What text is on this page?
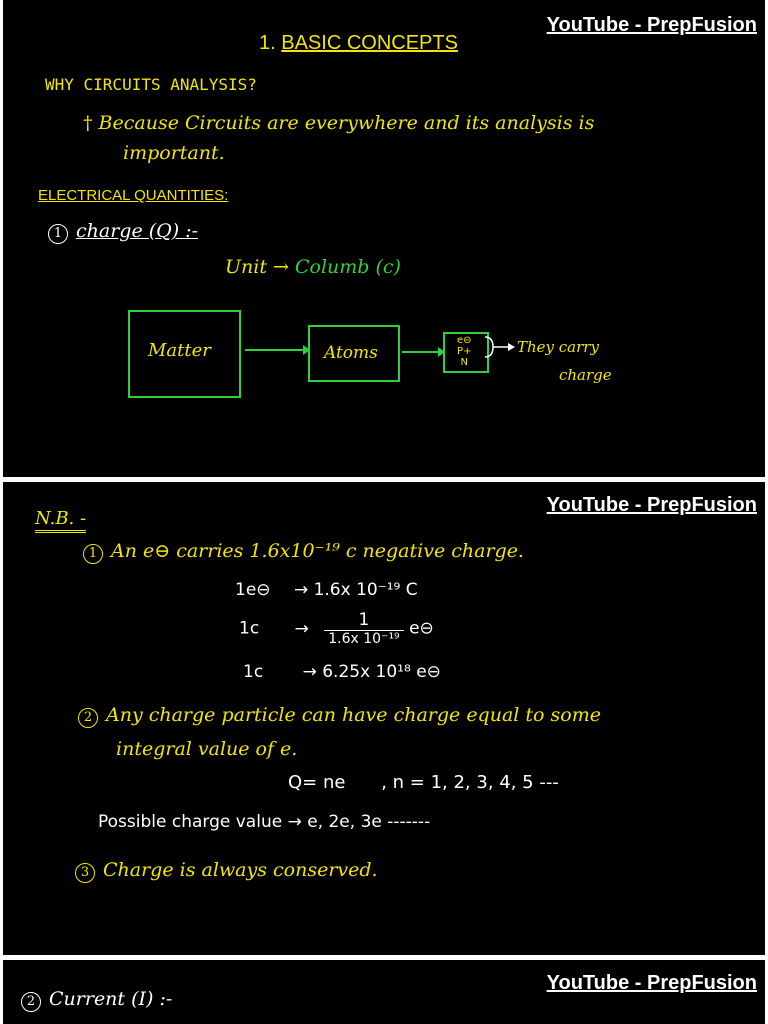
YouTube - PrepFusion
1. BASIC CONCEPTS
WHY CIRCUITS ANALYSIS?
† Because Circuits are everywhere and its analysis is
important.
ELECTRICAL QUANTITIES:
1 charge (Q) :-
Unit → Columb (c)
Matter	Atoms
e⊖
P+
N
They carry
charge
YouTube - PrepFusion
N.B. -
1 An e⊖ carries 1.6x10⁻¹⁹ c negative charge.
1e⊖ → 1.6x 10⁻¹⁹ C
$1c \to \frac{1}{\text{1.6x 10⁻¹⁹}}$ e⊖
1c → 6.25x 10¹⁸ e⊖
2 Any charge particle can have charge equal to some
integral value of e.
Q= ne , n = 1, 2, 3, 4, 5 ---
Possible charge value → e, 2e, 3e -------
3 Charge is always conserved.
YouTube - PrepFusion
2 Current (I) :-
